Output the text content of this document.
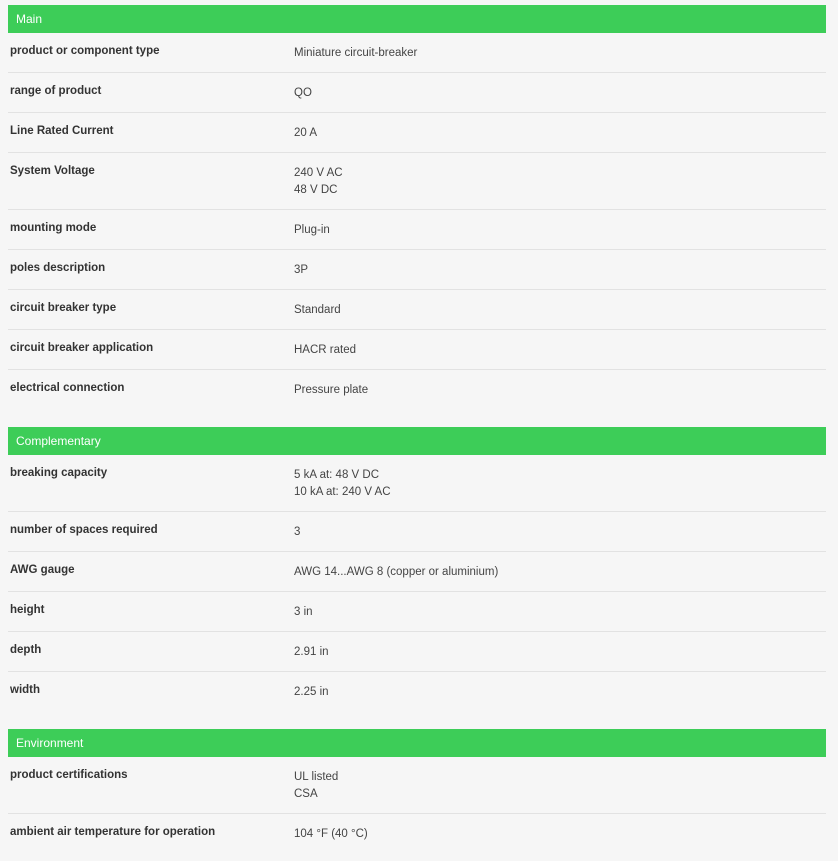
Main
product or component type	Miniature circuit-breaker
range of product	QO
Line Rated Current	20 A
System Voltage	240 V AC
48 V DC
mounting mode	Plug-in
poles description	3P
circuit breaker type	Standard
circuit breaker application	HACR rated
electrical connection	Pressure plate
Complementary
breaking capacity	5 kA at: 48 V DC
10 kA at: 240 V AC
number of spaces required	3
AWG gauge	AWG 14...AWG 8 (copper or aluminium)
height	3 in
depth	2.91 in
width	2.25 in
Environment
product certifications	UL listed
CSA
ambient air temperature for operation	104 °F (40 °C)
